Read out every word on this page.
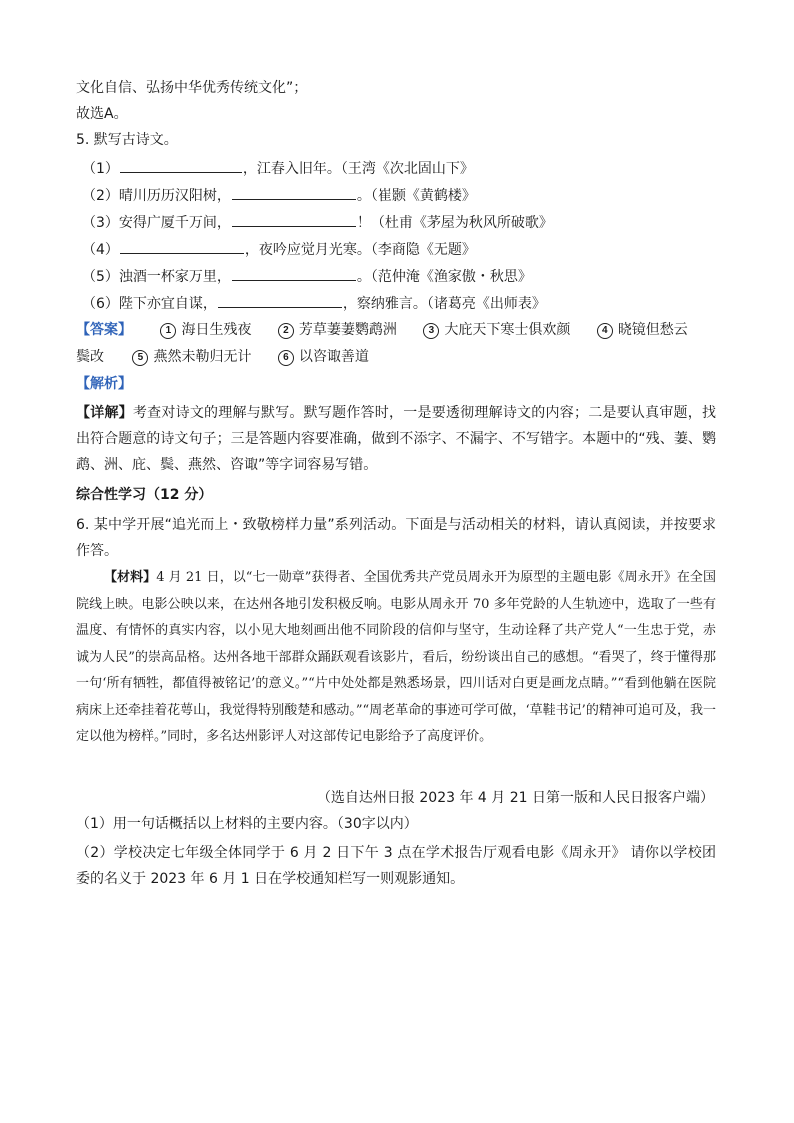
文化自信、弘扬中华优秀传统文化”；
故选A。
5. 默写古诗文。
（1）	，江春入旧年。（王湾《次北固山下》
（2）晴川历历汉阳树，	。（崔颢《黄鹤楼》
（3）安得广厦千万间，	！（杜甫《茅屋为秋风所破歌》
（4）	，夜吟应觉月光寒。（李商隐《无题》
（5）浊酒一杯家万里，	。（范仲淹《渔家傲・秋思》
（6）陛下亦宜自谋，	，察纳雅言。（诸葛亮《出师表》
【答案】	1 海日生残夜	2 芳草萋萋鹦鹉洲	3 大庇天下寒士俱欢颜	4 晓镜但愁云
鬓改	5 燕然未勒归无计	6 以咨诹善道
【解析】
【详解】考查对诗文的理解与默写。默写题作答时，一是要透彻理解诗文的内容；二是要认真审题，找出符合题意的诗文句子；三是答题内容要准确，做到不添字、不漏字、不写错字。本题中的“残、萋、鹦鹉、洲、庇、鬓、燕然、咨诹”等字词容易写错。
综合性学习（12 分）
6. 某中学开展“追光而上・致敬榜样力量”系列活动。下面是与活动相关的材料，请认真阅读，并按要求作答。

【材料】4 月 21 日，以“七一勋章”获得者、全国优秀共产党员周永开为原型的主题电影《周永开》在全国院线上映。电影公映以来，在达州各地引发积极反响。电影从周永开 70 多年党龄的人生轨迹中，选取了一些有温度、有情怀的真实内容，以小见大地刻画出他不同阶段的信仰与坚守，生动诠释了共产党人“一生忠于党，赤诚为人民”的崇高品格。达州各地干部群众踊跃观看该影片，看后，纷纷谈出自己的感想。“看哭了，终于懂得那一句‘所有牺牲，都值得被铭记’的意义。”“片中处处都是熟悉场景，四川话对白更是画龙点睛。”“看到他躺在医院病床上还牵挂着花萼山，我觉得特别酸楚和感动。”“周老革命的事迹可学可做，‘草鞋书记’的精神可追可及，我一定以他为榜样。”同时，多名达州影评人对这部传记电影给予了高度评价。

（选自达州日报 2023 年 4 月 21 日第一版和人民日报客户端）
（1）用一句话概括以上材料的主要内容。（30字以内）
（2）学校决定七年级全体同学于 6 月 2 日下午 3 点在学术报告厅观看电影《周永开》 请你以学校团委的名义于 2023 年 6 月 1 日在学校通知栏写一则观影通知。
